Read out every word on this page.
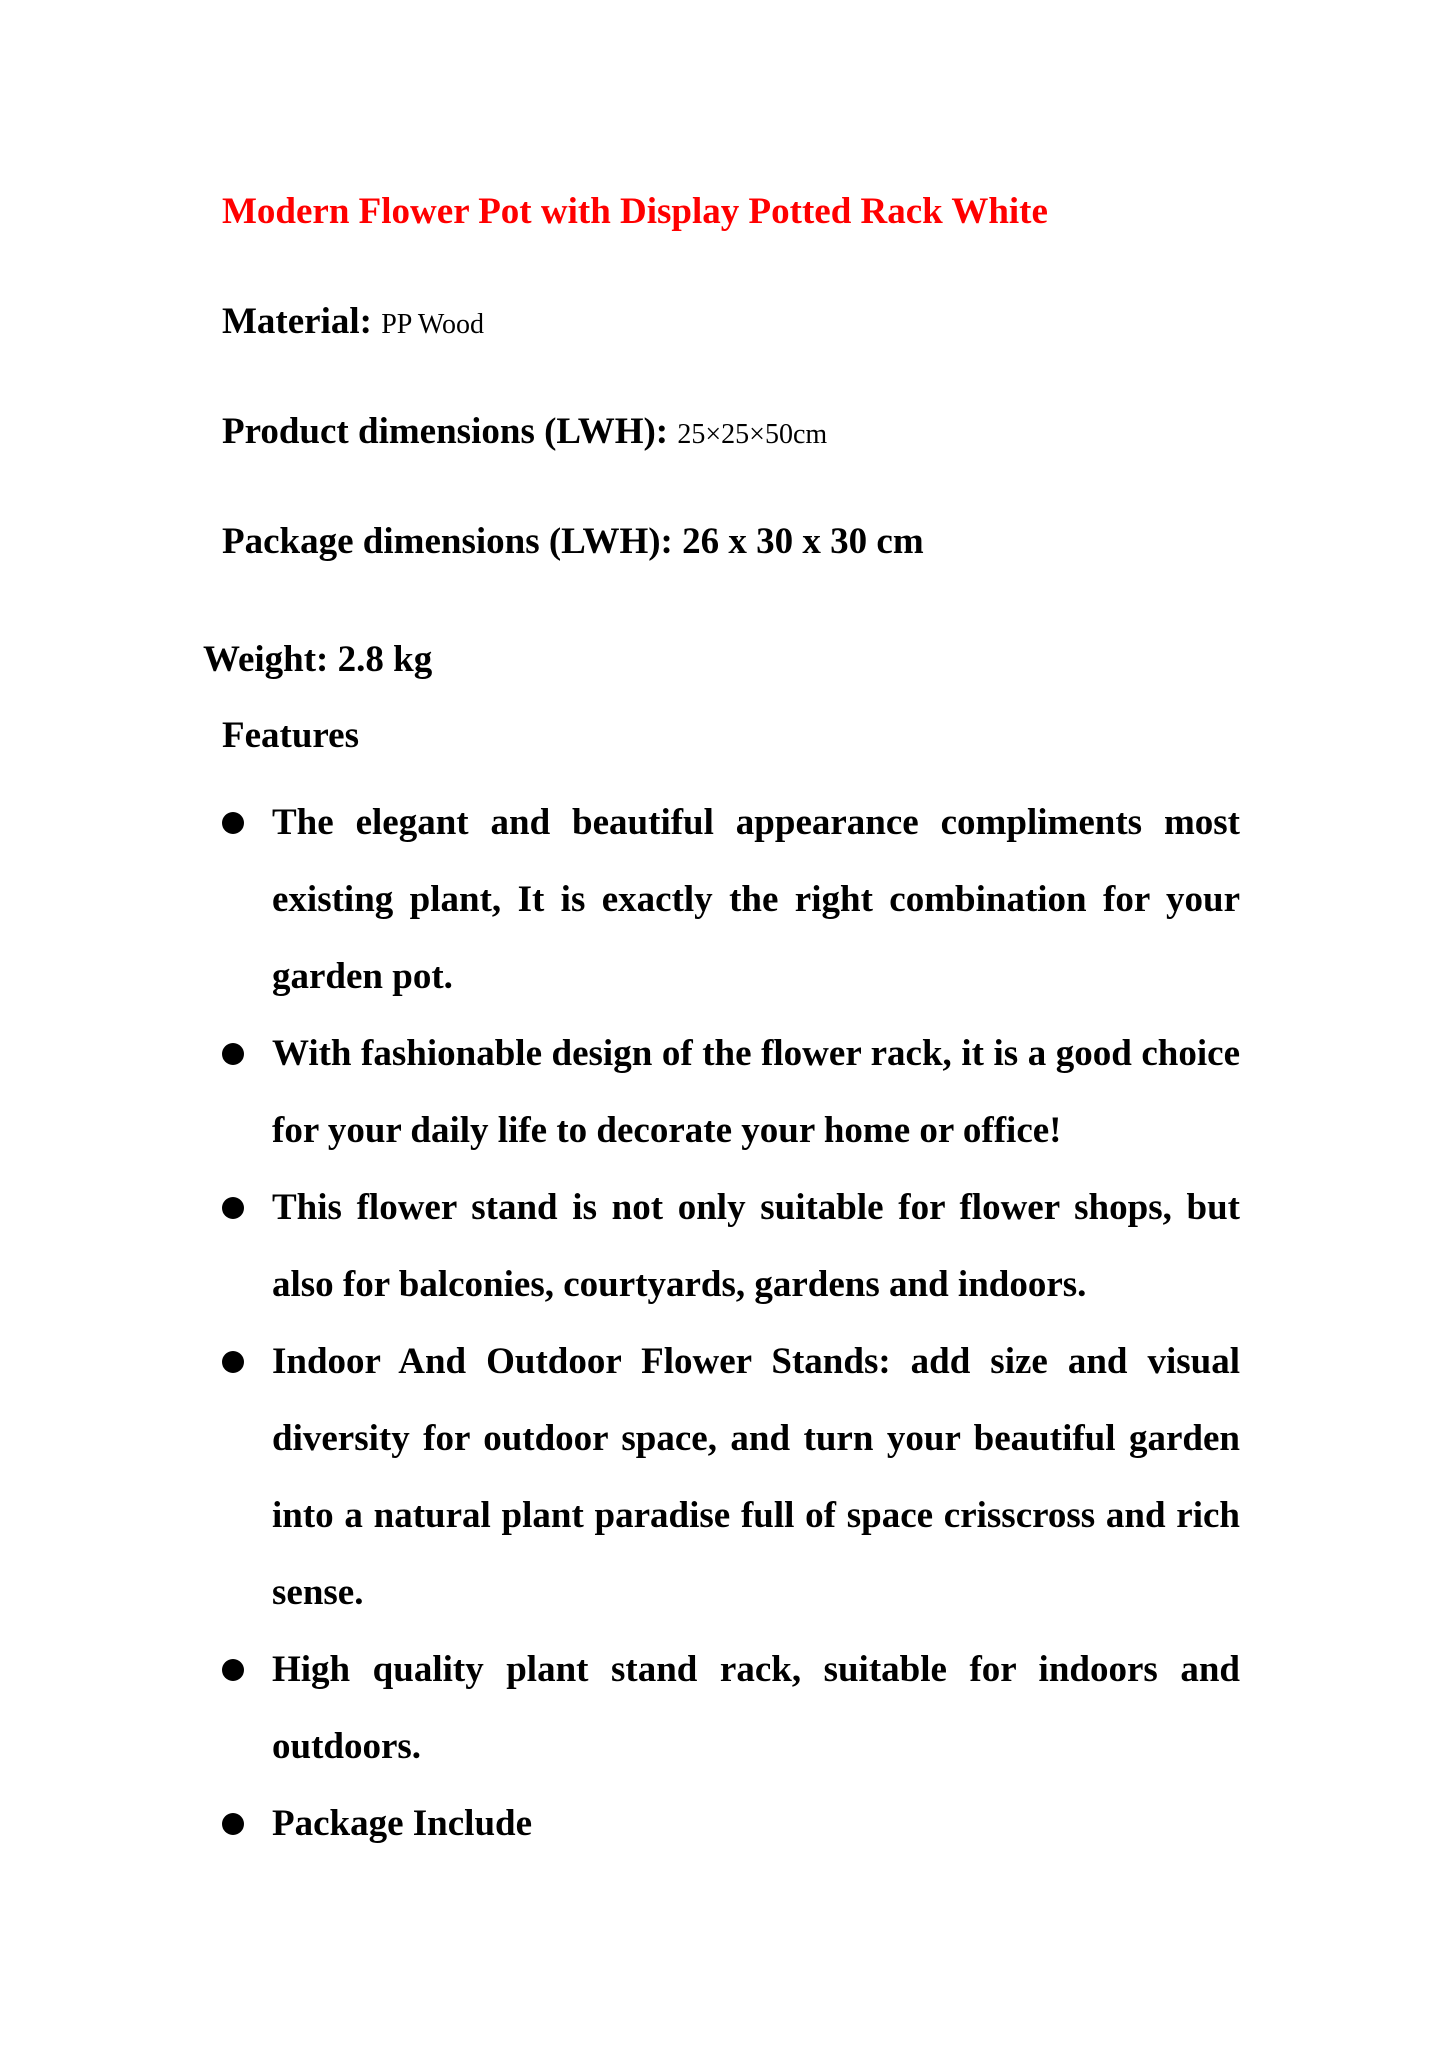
Modern Flower Pot with Display Potted Rack White

Material: PP Wood

Product dimensions (LWH): 25×25×50cm

Package dimensions (LWH): 26 x 30 x 30 cm

Weight: 2.8 kg

Features
The elegant and beautiful appearance compliments most existing plant, It is exactly the right combination for your garden pot.
With fashionable design of the flower rack, it is a good choice for your daily life to decorate your home or office!
This flower stand is not only suitable for flower shops, but also for balconies, courtyards, gardens and indoors.
Indoor And Outdoor Flower Stands: add size and visual diversity for outdoor space, and turn your beautiful garden into a natural plant paradise full of space crisscross and rich sense.
High quality plant stand rack, suitable for indoors and outdoors.
Package Include
